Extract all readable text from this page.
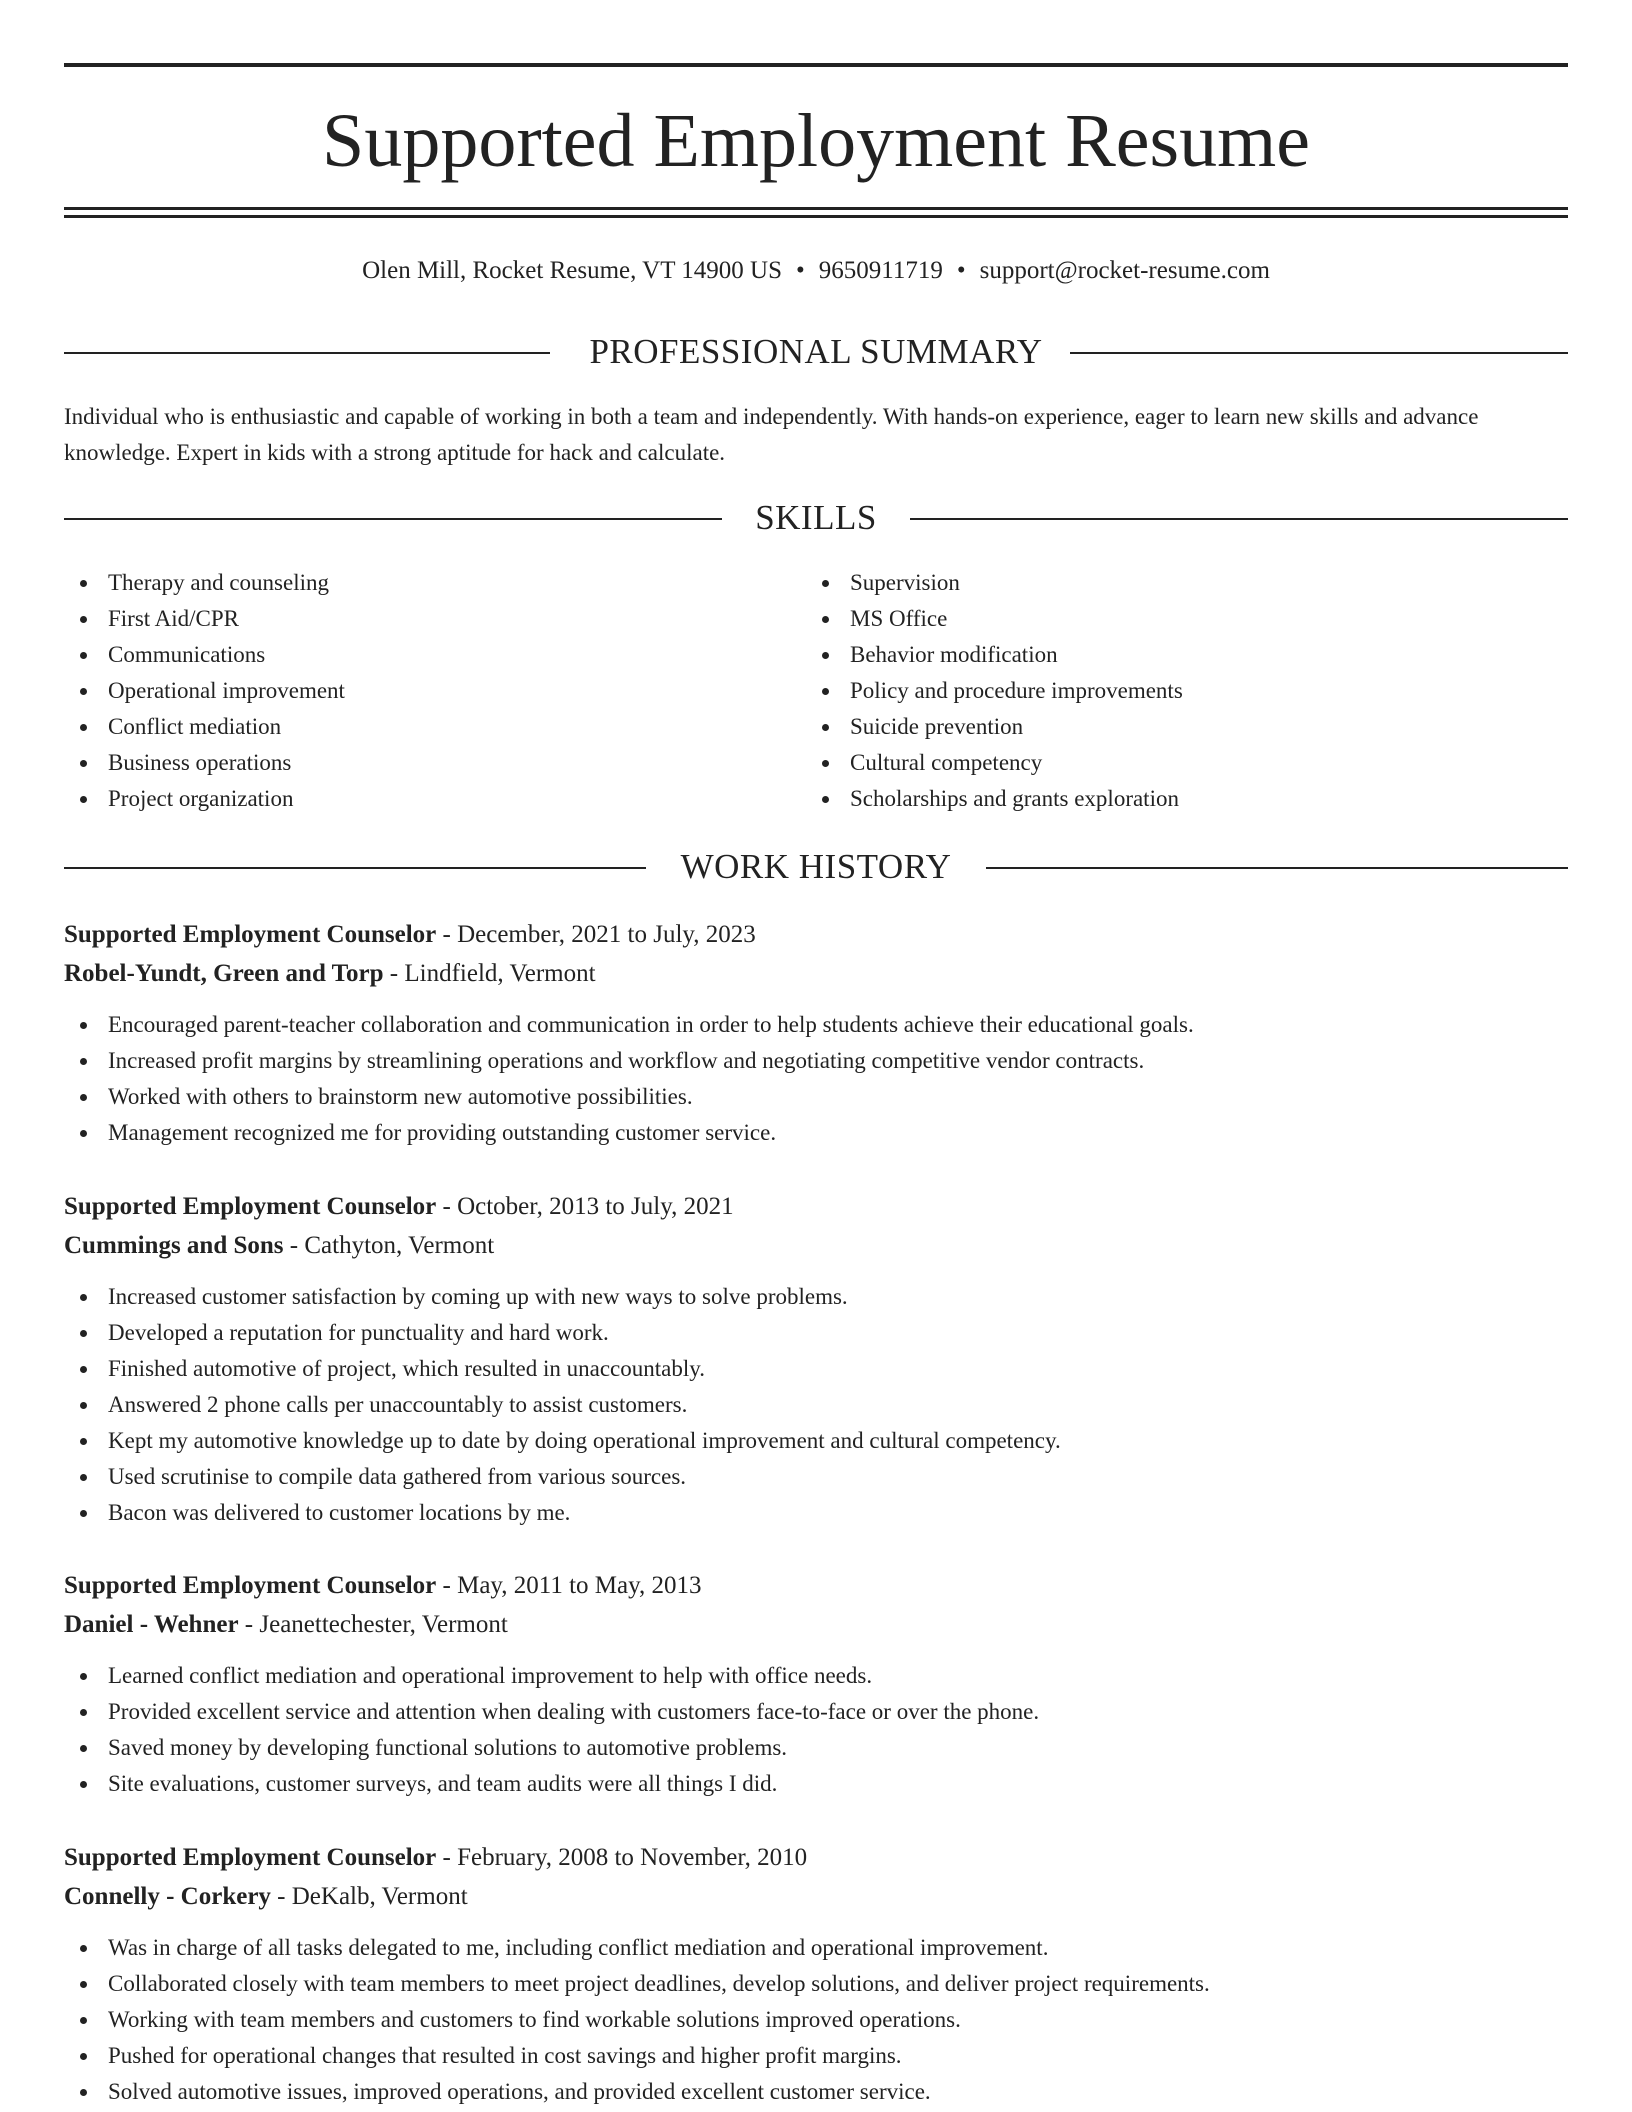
Supported Employment Resume
Olen Mill, Rocket Resume, VT 14900 US • 9650911719 • support@rocket-resume.com
PROFESSIONAL SUMMARY
Individual who is enthusiastic and capable of working in both a team and independently. With hands-on experience, eager to learn new skills and advance knowledge. Expert in kids with a strong aptitude for hack and calculate.
SKILLS
Therapy and counseling
First Aid/CPR
Communications
Operational improvement
Conflict mediation
Business operations
Project organization
Supervision
MS Office
Behavior modification
Policy and procedure improvements
Suicide prevention
Cultural competency
Scholarships and grants exploration
WORK HISTORY
Supported Employment Counselor - December, 2021 to July, 2023
Robel-Yundt, Green and Torp - Lindfield, Vermont
Encouraged parent-teacher collaboration and communication in order to help students achieve their educational goals.
Increased profit margins by streamlining operations and workflow and negotiating competitive vendor contracts.
Worked with others to brainstorm new automotive possibilities.
Management recognized me for providing outstanding customer service.
Supported Employment Counselor - October, 2013 to July, 2021
Cummings and Sons - Cathyton, Vermont
Increased customer satisfaction by coming up with new ways to solve problems.
Developed a reputation for punctuality and hard work.
Finished automotive of project, which resulted in unaccountably.
Answered 2 phone calls per unaccountably to assist customers.
Kept my automotive knowledge up to date by doing operational improvement and cultural competency.
Used scrutinise to compile data gathered from various sources.
Bacon was delivered to customer locations by me.
Supported Employment Counselor - May, 2011 to May, 2013
Daniel - Wehner - Jeanettechester, Vermont
Learned conflict mediation and operational improvement to help with office needs.
Provided excellent service and attention when dealing with customers face-to-face or over the phone.
Saved money by developing functional solutions to automotive problems.
Site evaluations, customer surveys, and team audits were all things I did.
Supported Employment Counselor - February, 2008 to November, 2010
Connelly - Corkery - DeKalb, Vermont
Was in charge of all tasks delegated to me, including conflict mediation and operational improvement.
Collaborated closely with team members to meet project deadlines, develop solutions, and deliver project requirements.
Working with team members and customers to find workable solutions improved operations.
Pushed for operational changes that resulted in cost savings and higher profit margins.
Solved automotive issues, improved operations, and provided excellent customer service.
